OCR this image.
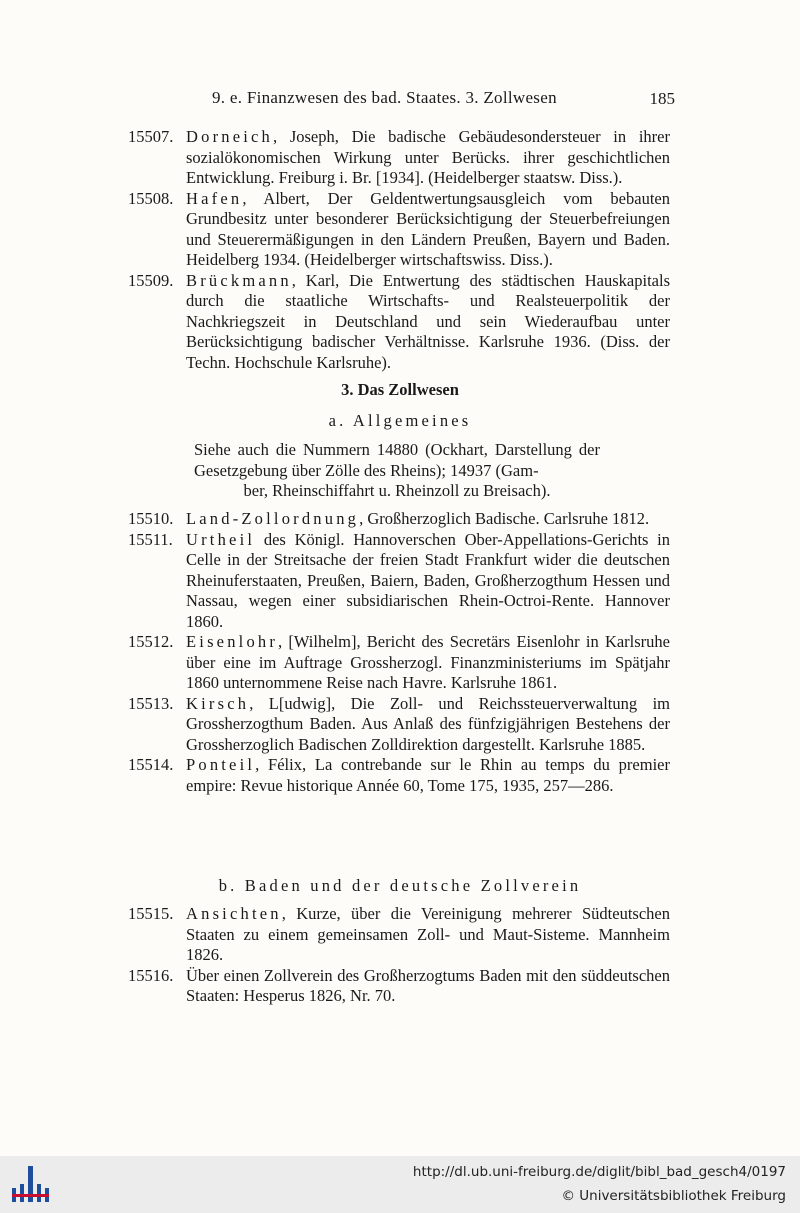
9. e. Finanzwesen des bad. Staates. 3. Zollwesen	185
15507. Dorneich, Joseph, Die badische Gebäudesondersteuer in ihrer sozialökonomischen Wirkung unter Berücks. ihrer geschichtlichen Entwicklung. Freiburg i. Br. [1934]. (Heidelberger staatsw. Diss.).
15508. Hafen, Albert, Der Geldentwertungsausgleich vom bebauten Grundbesitz unter besonderer Berücksichtigung der Steuerbefreiungen und Steuerermäßigungen in den Ländern Preußen, Bayern und Baden. Heidelberg 1934. (Heidelberger wirtschaftswiss. Diss.).
15509. Brückmann, Karl, Die Entwertung des städtischen Hauskapitals durch die staatliche Wirtschafts- und Realsteuerpolitik der Nachkriegszeit in Deutschland und sein Wiederaufbau unter Berücksichtigung badischer Verhältnisse. Karlsruhe 1936. (Diss. der Techn. Hochschule Karlsruhe).
3. Das Zollwesen
a. Allgemeines
Siehe auch die Nummern 14880 (Ockhart, Darstellung der Gesetzgebung über Zölle des Rheins); 14937 (Gam-
ber, Rheinschiffahrt u. Rheinzoll zu Breisach).
15510. Land-Zollordnung, Großherzoglich Badische. Carlsruhe 1812.
15511. Urtheil des Königl. Hannoverschen Ober-Appellations-Gerichts in Celle in der Streitsache der freien Stadt Frankfurt wider die deutschen Rheinuferstaaten, Preußen, Baiern, Baden, Großherzogthum Hessen und Nassau, wegen einer subsidiarischen Rhein-Octroi-Rente. Hannover 1860.
15512. Eisenlohr, [Wilhelm], Bericht des Secretärs Eisenlohr in Karlsruhe über eine im Auftrage Grossherzogl. Finanzministeriums im Spätjahr 1860 unternommene Reise nach Havre. Karlsruhe 1861.
15513. Kirsch, L[udwig], Die Zoll- und Reichssteuerverwaltung im Grossherzogthum Baden. Aus Anlaß des fünfzigjährigen Bestehens der Grossherzoglich Badischen Zolldirektion dargestellt. Karlsruhe 1885.
15514. Ponteil, Félix, La contrebande sur le Rhin au temps du premier empire: Revue historique Année 60, Tome 175, 1935, 257—286.
b. Baden und der deutsche Zollverein
15515. Ansichten, Kurze, über die Vereinigung mehrerer Südteutschen Staaten zu einem gemeinsamen Zoll- und Maut-Sisteme. Mannheim 1826.
15516. Über einen Zollverein des Großherzogtums Baden mit den süddeutschen Staaten: Hesperus 1826, Nr. 70.
http://dl.ub.uni-freiburg.de/diglit/bibl_bad_gesch4/0197
© Universitätsbibliothek Freiburg
